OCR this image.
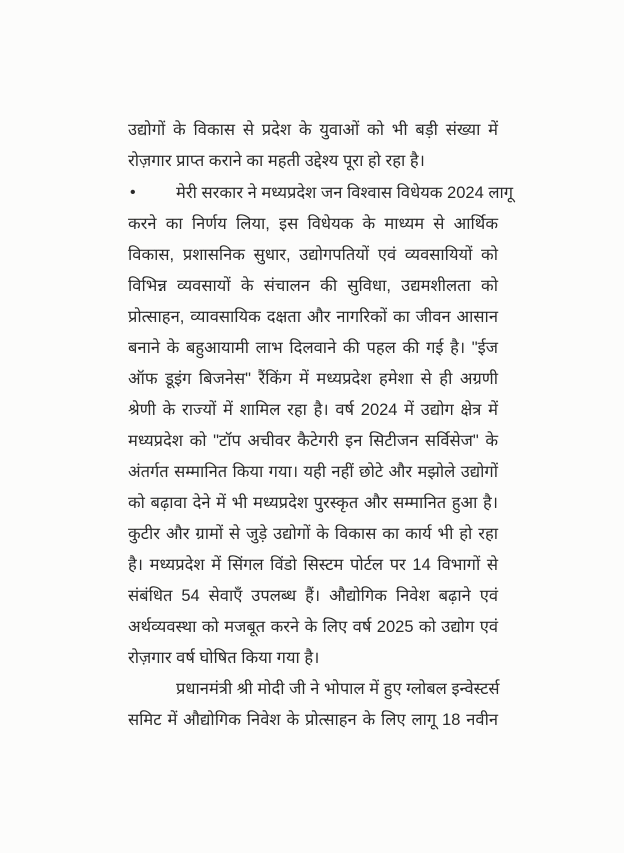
उद्योगों के विकास से प्रदेश के युवाओं को भी बड़ी संख्या में
रोज़गार प्राप्त कराने का महती उद्देश्य पूरा हो रहा है।
•	मेरी सरकार ने मध्यप्रदेश जन विश्वास विधेयक 2024 लागू
करने का निर्णय लिया, इस विधेयक के माध्यम से आर्थिक
विकास, प्रशासनिक सुधार, उद्योगपतियों एवं व्यवसायियों को
विभिन्न व्यवसायों के संचालन की सुविधा, उद्यमशीलता को
प्रोत्साहन, व्यावसायिक दक्षता और नागरिकों का जीवन आसान
बनाने के बहुआयामी लाभ दिलवाने की पहल की गई है। "ईज
ऑफ डूइंग बिजनेस" रैंकिंग में मध्यप्रदेश हमेशा से ही अग्रणी
श्रेणी के राज्यों में शामिल रहा है। वर्ष 2024 में उद्योग क्षेत्र में
मध्यप्रदेश को "टॉप अचीवर कैटेगरी इन सिटीजन सर्विसेज" के
अंतर्गत सम्मानित किया गया। यही नहीं छोटे और मझोले उद्योगों
को बढ़ावा देने में भी मध्यप्रदेश पुरस्कृत और सम्मानित हुआ है।
कुटीर और ग्रामों से जुड़े उद्योगों के विकास का कार्य भी हो रहा
है। मध्यप्रदेश में सिंगल विंडो सिस्टम पोर्टल पर 14 विभागों से
संबंधित 54 सेवाएँ उपलब्ध हैं। औद्योगिक निवेश बढ़ाने एवं
अर्थव्यवस्था को मजबूत करने के लिए वर्ष 2025 को उद्योग एवं
रोज़गार वर्ष घोषित किया गया है।
प्रधानमंत्री श्री मोदी जी ने भोपाल में हुए ग्लोबल इन्वेस्टर्स
समिट में औद्योगिक निवेश के प्रोत्साहन के लिए लागू 18 नवीन
